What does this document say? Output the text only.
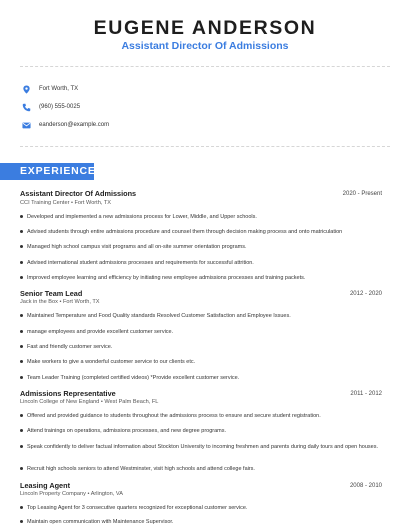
EUGENE ANDERSON
Assistant Director Of Admissions
Fort Worth, TX
(960) 555-0025
eanderson@example.com
EXPERIENCE
Assistant Director Of Admissions	2020 - Present
CCI Training Center • Fort Worth, TX
Developed and implemented a new admissions process for Lower, Middle, and Upper schools.
Advised students through entire admissions procedure and counsel them through decision making process and onto matriculation
Managed high school campus visit programs and all on-site summer orientation programs.
Advised international student admissions processes and requirements for successful attrition.
Improved employee learning and efficiency by initiating new employee admissions processes and training packets.
Senior Team Lead	2012 - 2020
Jack in the Box • Fort Worth, TX
Maintained Temperature and Food Quality standards Resolved Customer Satisfaction and Employee Issues.
manage employees and provide excellent customer service.
Fast and friendly customer service.
Make workers to give a wonderful customer service to our clients etc.
Team Leader Training (completed certified videos) *Provide excellent customer service.
Admissions Representative	2011 - 2012
Lincoln College of New England • West Palm Beach, FL
Offered and provided guidance to students throughout the admissions process to ensure and secure student registration.
Attend trainings on operations, admissions processes, and new degree programs.
Speak confidently to deliver factual information about Stockton University to incoming freshmen and parents during daily tours and open houses.
Recruit high schools seniors to attend Westminster, visit high schools and attend college fairs.
Leasing Agent	2008 - 2010
Lincoln Property Company • Arlington, VA
Top Leasing Agent for 3 consecutive quarters recognized for exceptional customer service.
Maintain open communication with Maintenance Supervisor.
